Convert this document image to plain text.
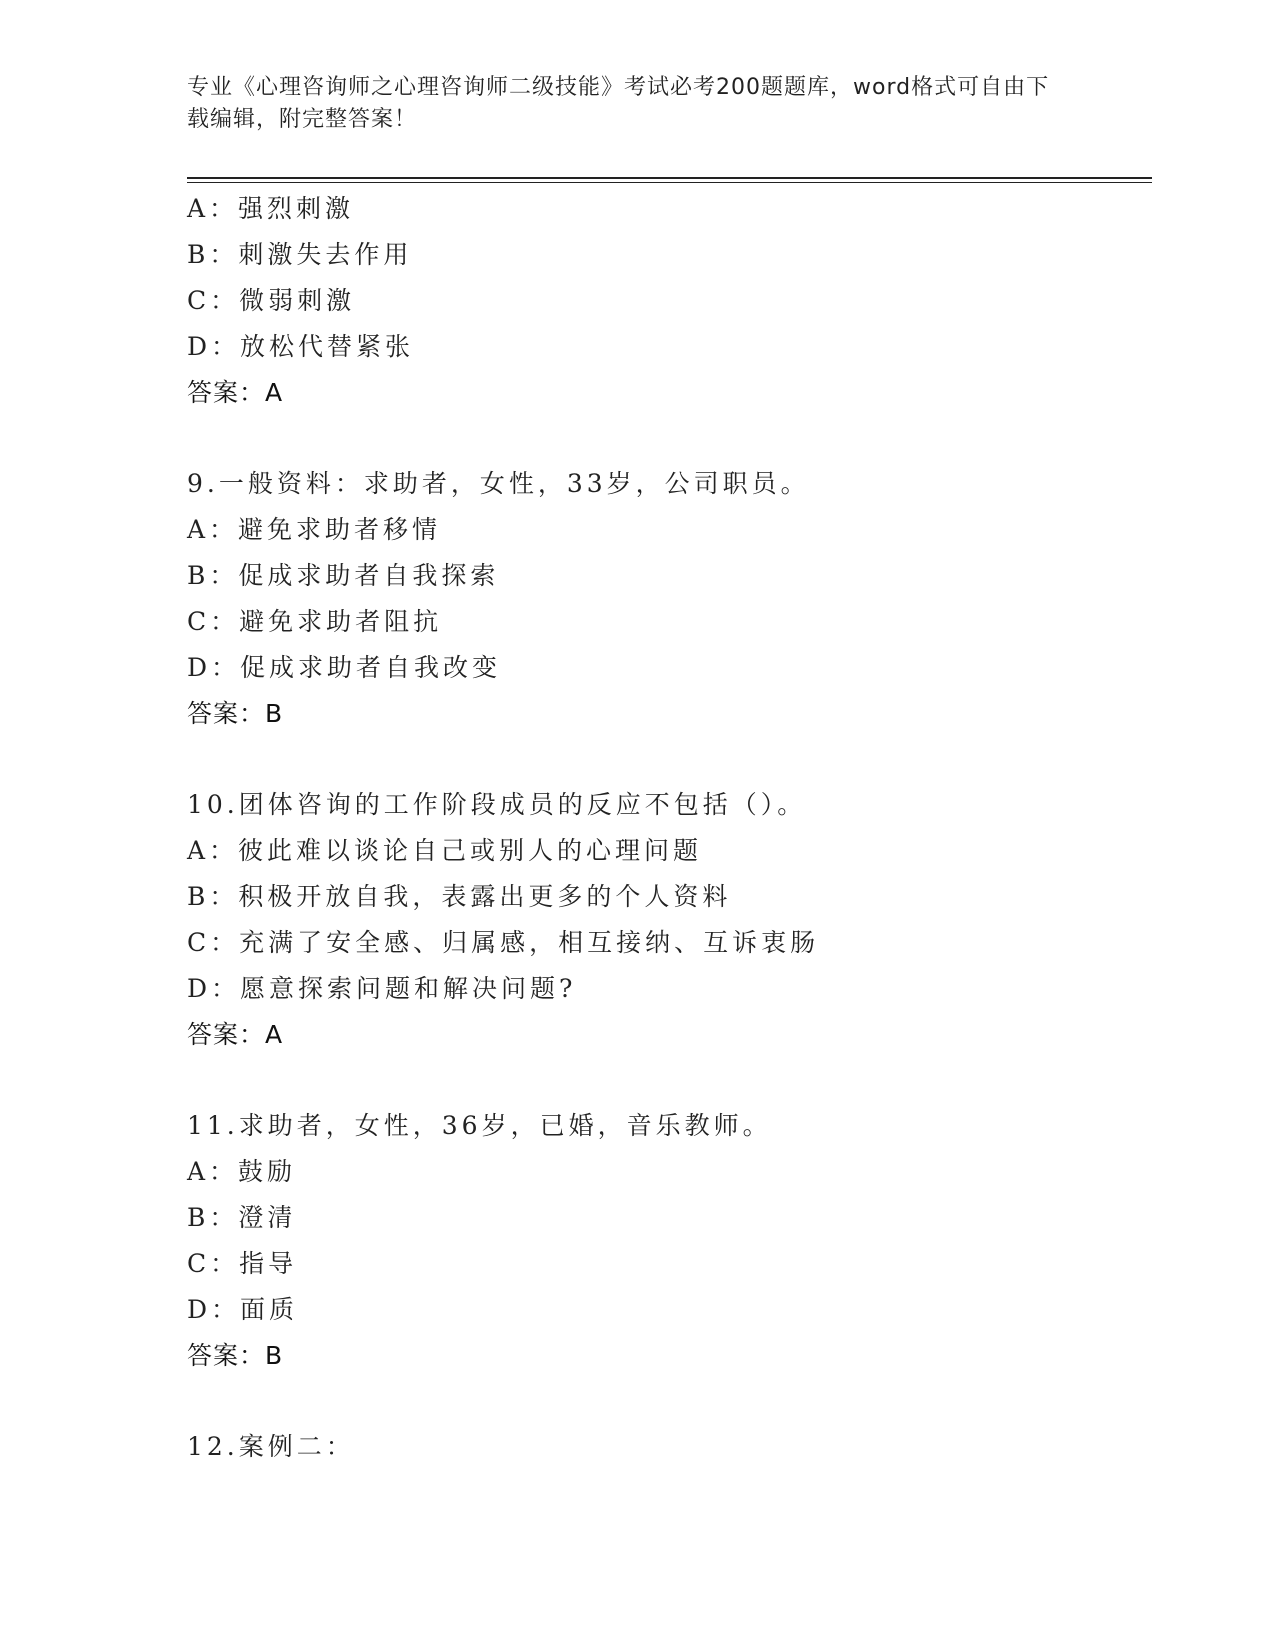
专业《心理咨询师之心理咨询师二级技能》考试必考200题题库，word格式可自由下载编辑，附完整答案！
A：强烈刺激
B：刺激失去作用
C：微弱刺激
D：放松代替紧张
答案：A
9.一般资料：求助者，女性，33岁，公司职员。
A：避免求助者移情
B：促成求助者自我探索
C：避免求助者阻抗
D：促成求助者自我改变
答案：B
10.团体咨询的工作阶段成员的反应不包括（）。
A：彼此难以谈论自己或别人的心理问题
B：积极开放自我，表露出更多的个人资料
C：充满了安全感、归属感，相互接纳、互诉衷肠
D：愿意探索问题和解决问题?
答案：A
11.求助者，女性，36岁，已婚，音乐教师。
A：鼓励
B：澄清
C：指导
D：面质
答案：B
12.案例二：
